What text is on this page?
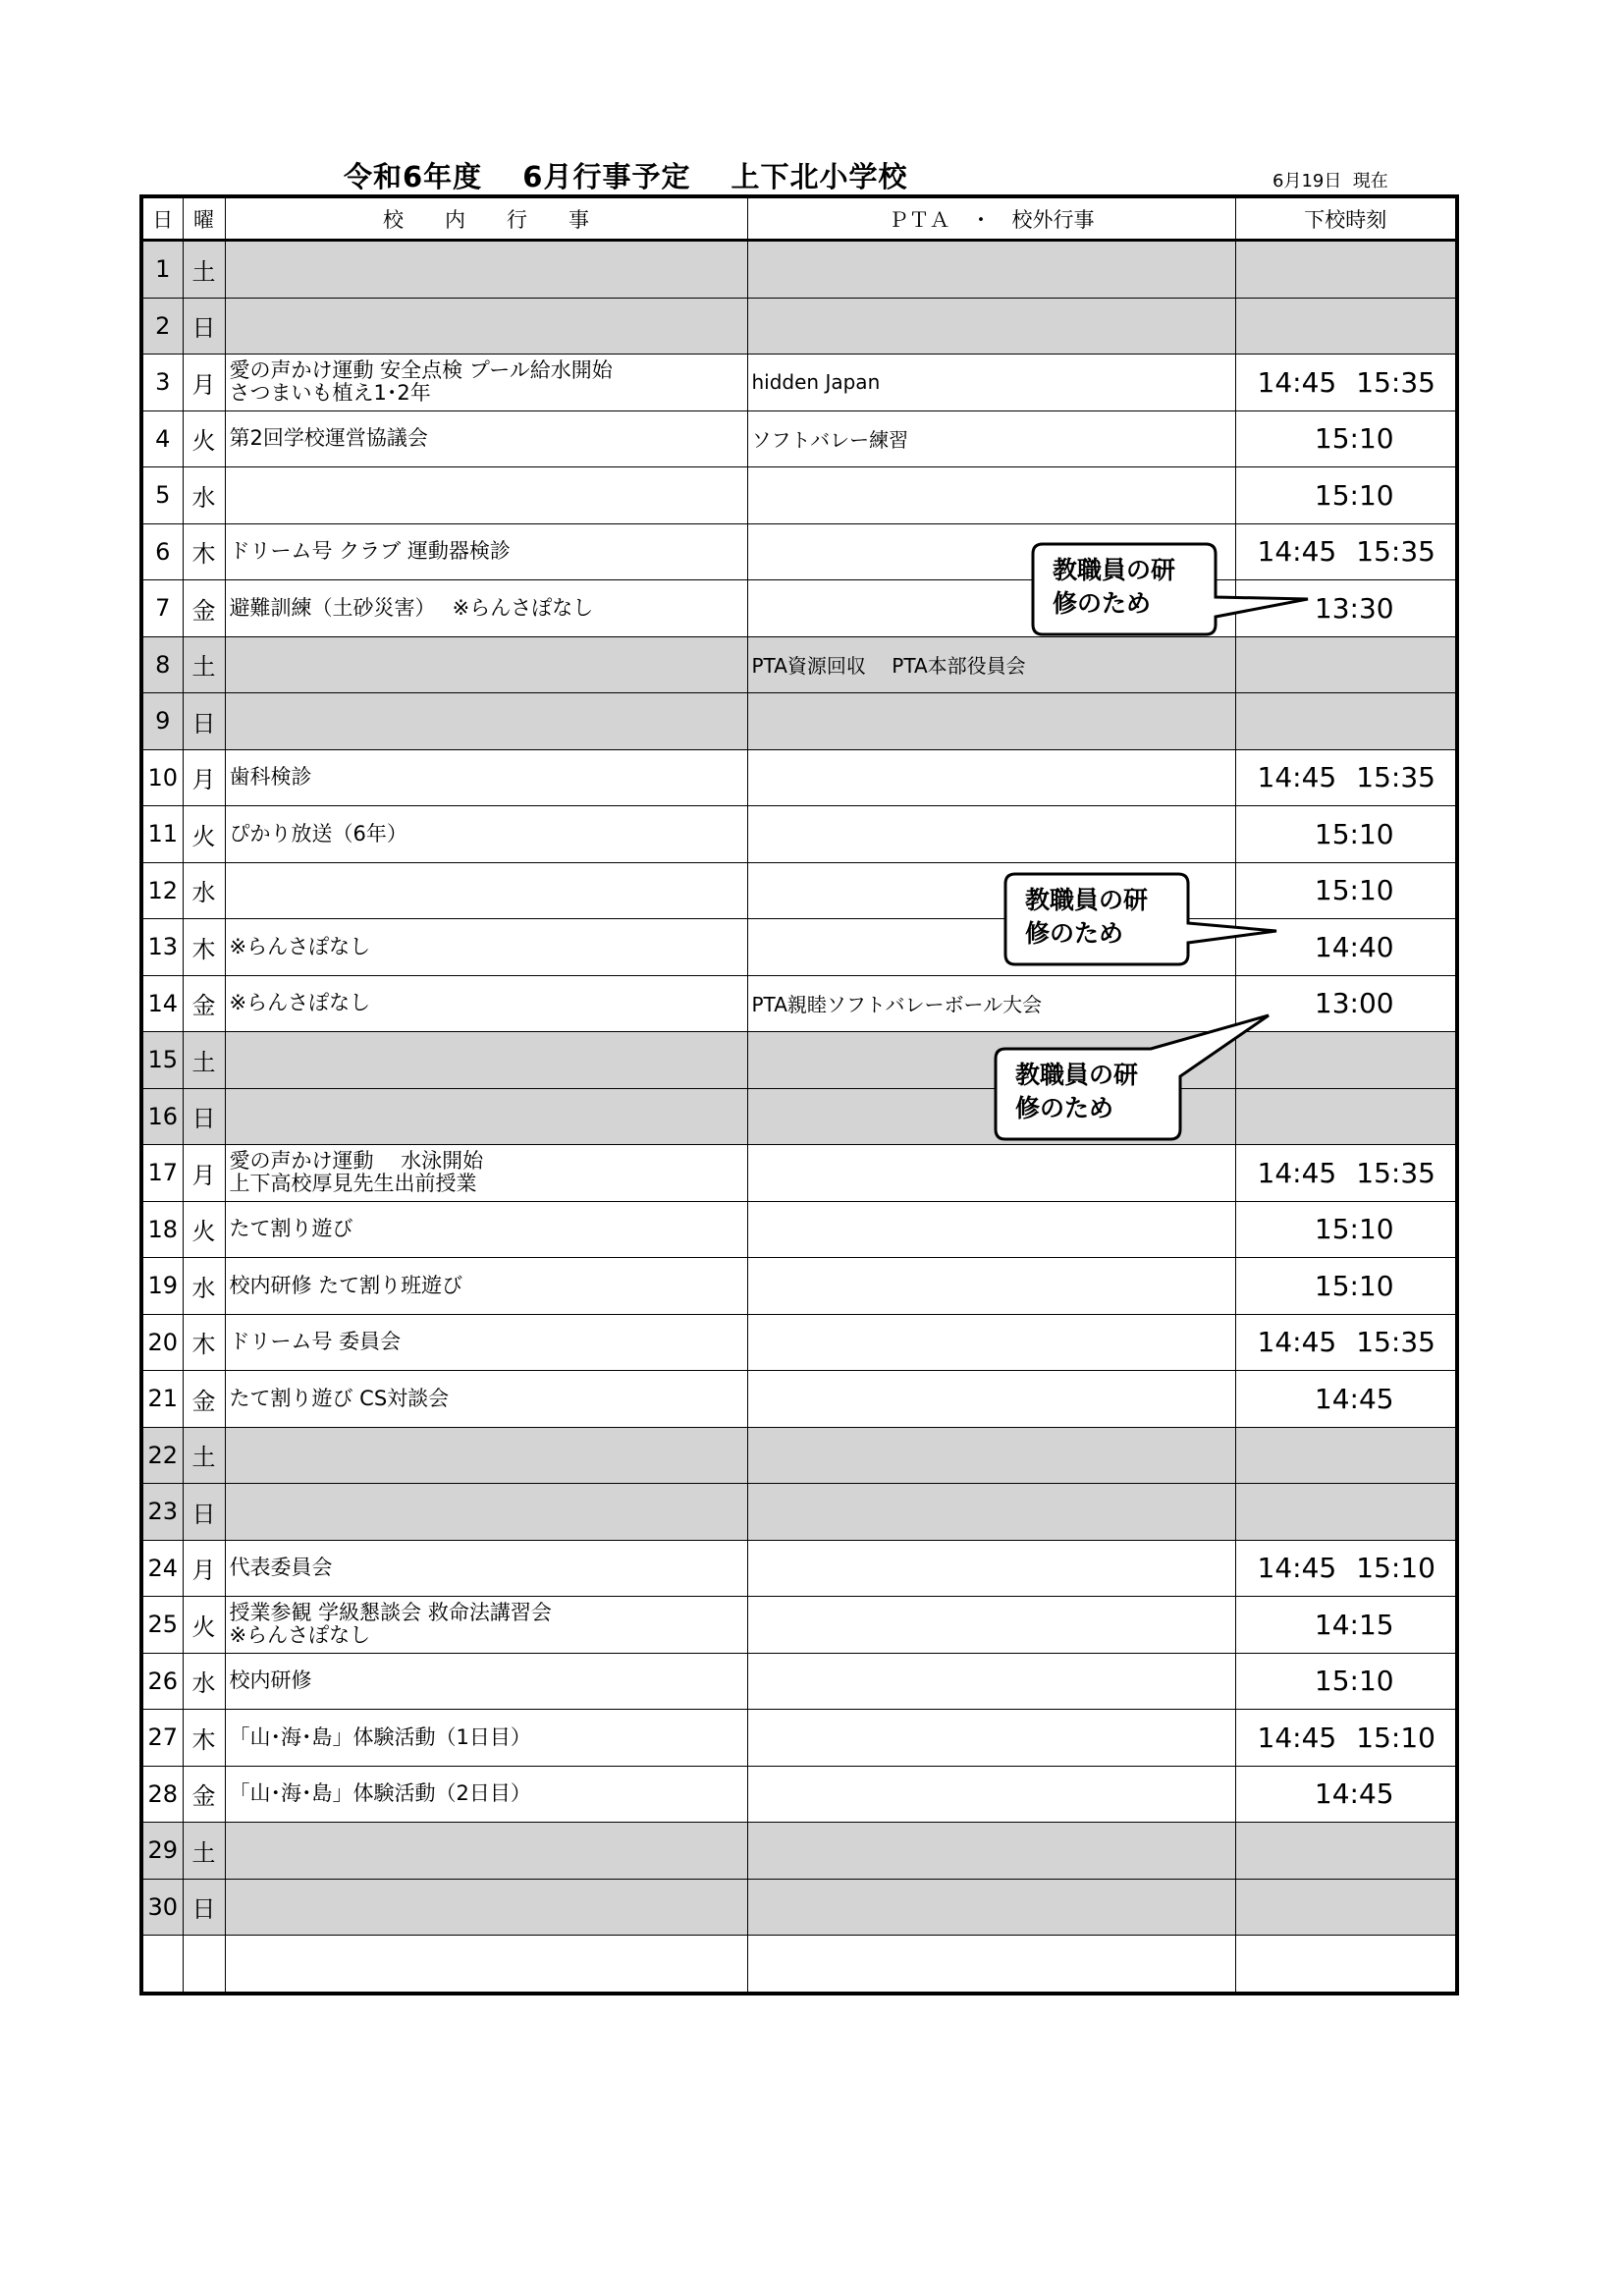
令和6年度　 6月行事予定　 上下北小学校	6月19日  現在
日	曜	校　　内　　行　　事	ＰＴＡ　・　校外行事	下校時刻
1	土			
2	日			
3	月	愛の声かけ運動 安全点検 プール給水開始
さつまいも植え1･2年	hidden Japan	14:45 15:35

4	火	第2回学校運営協議会	ソフトバレー練習	15:10

5	水			15:10

6	木	ドリーム号 クラブ 運動器検診		14:45 15:35

7	金	避難訓練（土砂災害）　 ※らんさぽなし		13:30

8	土		PTA資源回収　 PTA本部役員会	
9	日			
10	月	歯科検診		14:45 15:35

11	火	ぴかり放送（6年）		15:10

12	水			15:10

13	木	※らんさぽなし		14:40

14	金	※らんさぽなし	PTA親睦ソフトバレーボール大会	13:00

15	土			
16	日			
17	月	愛の声かけ運動　 水泳開始
上下高校厚見先生出前授業		14:45 15:35

18	火	たて割り遊び		15:10

19	水	校内研修 たて割り班遊び		15:10

20	木	ドリーム号 委員会		14:45 15:35

21	金	たて割り遊び CS対談会		14:45

22	土			
23	日			
24	月	代表委員会		14:45 15:10

25	火	授業参観 学級懇談会 救命法講習会
※らんさぽなし		14:15

26	水	校内研修		15:10

27	木	「山･海･島」体験活動（1日目）		14:45 15:10

28	金	「山･海･島」体験活動（2日目）		14:45

29	土			
30	日			

教職員の研
修のため
教職員の研
修のため
教職員の研
修のため
